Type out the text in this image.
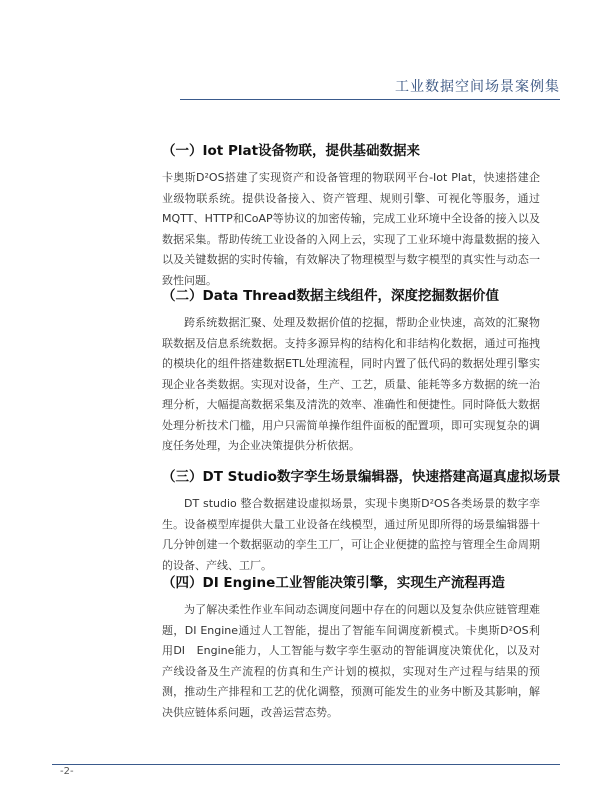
工业数据空间场景案例集
（一）Iot Plat设备物联，提供基础数据来

卡奥斯D²OS搭建了实现资产和设备管理的物联网平台-Iot Plat，快速搭建企业级物联系统。提供设备接入、资产管理、规则引擎、可视化等服务，通过MQTT、HTTP和CoAP等协议的加密传输，完成工业环境中全设备的接入以及数据采集。帮助传统工业设备的入网上云，实现了工业环境中海量数据的接入以及关键数据的实时传输，有效解决了物理模型与数字模型的真实性与动态一致性问题。

（二）Data Thread数据主线组件，深度挖掘数据价值

跨系统数据汇聚、处理及数据价值的挖掘，帮助企业快速，高效的汇聚物联数据及信息系统数据。支持多源异构的结构化和非结构化数据，通过可拖拽的模块化的组件搭建数据ETL处理流程，同时内置了低代码的数据处理引擎实现企业各类数据。实现对设备，生产、工艺，质量、能耗等多方数据的统一治理分析，大幅提高数据采集及清洗的效率、准确性和便捷性。同时降低大数据处理分析技术门槛，用户只需简单操作组件面板的配置项，即可实现复杂的调度任务处理，为企业决策提供分析依据。

（三）DT Studio数字孪生场景编辑器，快速搭建高逼真虚拟场景

DT studio 整合数据建设虚拟场景，实现卡奥斯D²OS各类场景的数字孪生。设备模型库提供大量工业设备在线模型，通过所见即所得的场景编辑器十几分钟创建一个数据驱动的孪生工厂，可让企业便捷的监控与管理全生命周期的设备、产线、工厂。

（四）DI Engine工业智能决策引擎，实现生产流程再造

为了解决柔性作业车间动态调度问题中存在的问题以及复杂供应链管理难题，DI Engine通过人工智能，提出了智能车间调度新模式。卡奥斯D²OS利用DI　Engine能力，人工智能与数字孪生驱动的智能调度决策优化，以及对产线设备及生产流程的仿真和生产计划的模拟，实现对生产过程与结果的预测，推动生产排程和工艺的优化调整，预测可能发生的业务中断及其影响，解决供应链体系问题，改善运营态势。

-2-
